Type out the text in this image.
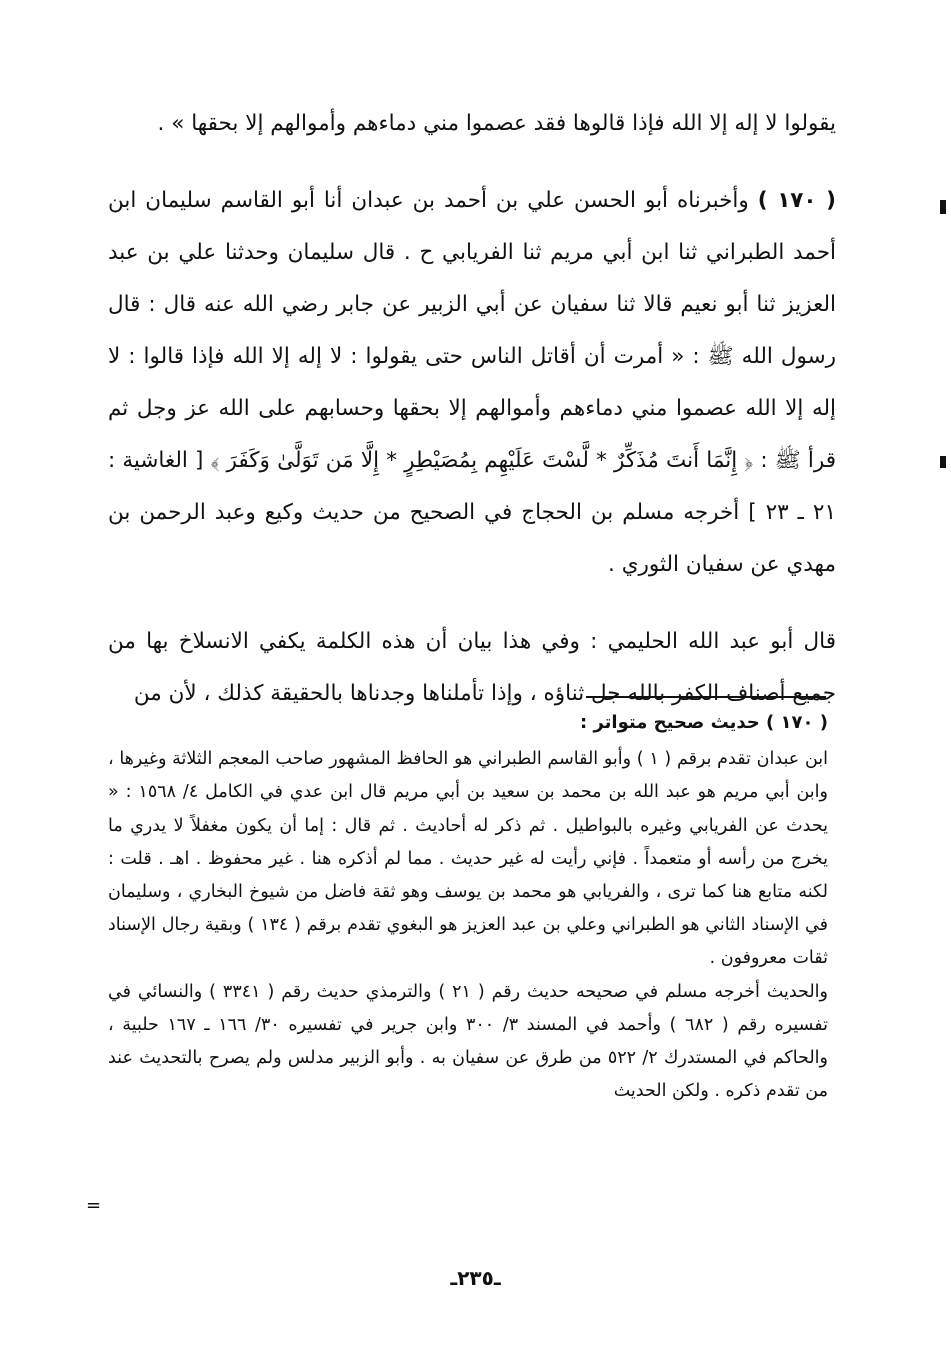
يقولوا لا إله إلا الله فإذا قالوها فقد عصموا مني دماءهم وأموالهم إلا بحقها » .

( ١٧٠ ) وأخبرناه أبو الحسن علي بن أحمد بن عبدان أنا أبو القاسم سليمان ابن أحمد الطبراني ثنا ابن أبي مريم ثنا الفريابي ح . قال سليمان وحدثنا علي بن عبد العزيز ثنا أبو نعيم قالا ثنا سفيان عن أبي الزبير عن جابر رضي الله عنه قال : قال رسول الله ﷺ : « أمرت أن أقاتل الناس حتى يقولوا : لا إله إلا الله فإذا قالوا : لا إله إلا الله عصموا مني دماءهم وأموالهم إلا بحقها وحسابهم على الله عز وجل ثم قرأ ﷺ : ﴿ إِنَّمَا أَنتَ مُذَكِّرٌ * لَّسْتَ عَلَيْهِم بِمُصَيْطِرٍ * إِلَّا مَن تَوَلَّىٰ وَكَفَرَ ﴾ [ الغاشية : ٢١ ـ ٢٣ ] أخرجه مسلم بن الحجاج في الصحيح من حديث وكيع وعبد الرحمن بن مهدي عن سفيان الثوري .

قال أبو عبد الله الحليمي : وفي هذا بيان أن هذه الكلمة يكفي الانسلاخ بها من جميع أصناف الكفر بالله جل ثناؤه ، وإذا تأملناها وجدناها بالحقيقة كذلك ، لأن من

( ١٧٠ ) حديث صحيح متواتر :

ابن عبدان تقدم برقم ( ١ ) وأبو القاسم الطبراني هو الحافظ المشهور صاحب المعجم الثلاثة وغيرها ، وابن أبي مريم هو عبد الله بن محمد بن سعيد بن أبي مريم قال ابن عدي في الكامل ٤/ ١٥٦٨ : « يحدث عن الفريابي وغيره بالبواطيل . ثم ذكر له أحاديث . ثم قال : إما أن يكون مغفلاً لا يدري ما يخرج من رأسه أو متعمداً . فإني رأيت له غير حديث . مما لم أذكره هنا . غير محفوظ . اهـ . قلت : لكنه متابع هنا كما ترى ، والفريابي هو محمد بن يوسف وهو ثقة فاضل من شيوخ البخاري ، وسليمان في الإسناد الثاني هو الطبراني وعلي بن عبد العزيز هو البغوي تقدم برقم ( ١٣٤ ) وبقية رجال الإسناد ثقات معروفون .

والحديث أخرجه مسلم في صحيحه حديث رقم ( ٢١ ) والترمذي حديث رقم ( ٣٣٤١ ) والنسائي في تفسيره رقم ( ٦٨٢ ) وأحمد في المسند ٣/ ٣٠٠ وابن جرير في تفسيره ٣٠/ ١٦٦ ـ ١٦٧ حلبية ، والحاكم في المستدرك ٢/ ٥٢٢ من طرق عن سفيان به . وأبو الزبير مدلس ولم يصرح بالتحديث عند من تقدم ذكره . ولكن الحديث

=
ـ٢٣٥ـ
